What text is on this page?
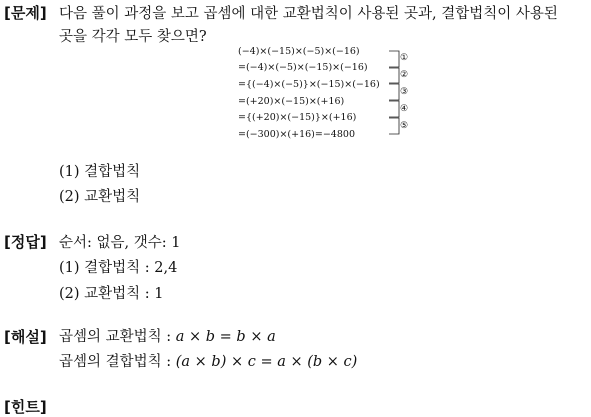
[문제] 다음 풀이 과정을 보고 곱셈에 대한 교환법칙이 사용된 곳과, 결합법칙이 사용된
곳을 각각 모두 찾으면?
(−4)×(−15)×(−5)×(−16)
=(−4)×(−5)×(−15)×(−16)
={(−4)×(−5)}×(−15)×(−16)
=(+20)×(−15)×(+16)
={(+20)×(−15)}×(+16)
=(−300)×(+16)=−4800
①
②
③
④
⑤
(1) 결합법칙
(2) 교환법칙
[정답] 순서: 없음, 갯수: 1
(1) 결합법칙 : 2,4
(2) 교환법칙 : 1
[해설] 곱셈의 교환법칙 : a × b = b × a
곱셈의 결합법칙 : (a × b) × c = a × (b × c)
[힌트]
